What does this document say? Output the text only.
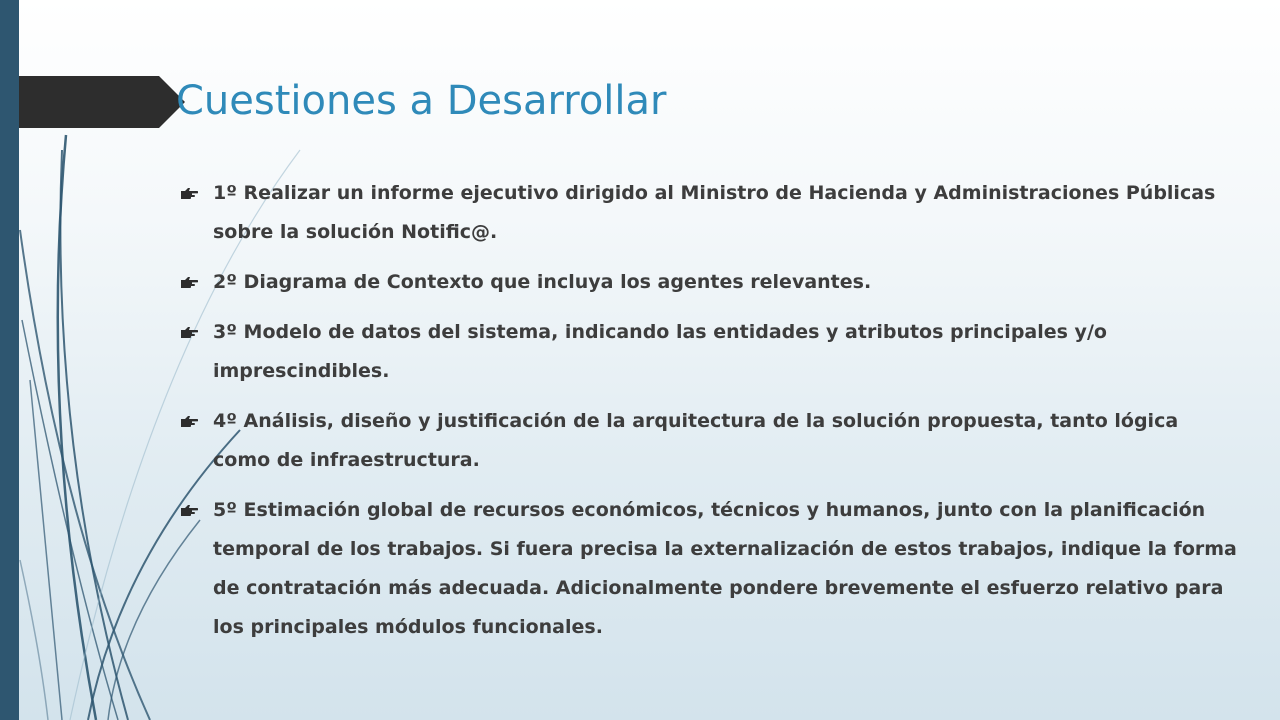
Cuestiones a Desarrollar
1º Realizar un informe ejecutivo dirigido al Ministro de Hacienda y Administraciones Públicas sobre la solución Notific@.
2º Diagrama de Contexto que incluya los agentes relevantes.
3º Modelo de datos del sistema, indicando las entidades y atributos principales y/o imprescindibles.
4º Análisis, diseño y justificación de la arquitectura de la solución propuesta, tanto lógica como de infraestructura.
5º Estimación global de recursos económicos, técnicos y humanos, junto con la planificación temporal de los trabajos. Si fuera precisa la externalización de estos trabajos, indique la forma de contratación más adecuada. Adicionalmente pondere brevemente el esfuerzo relativo para los principales módulos funcionales.
